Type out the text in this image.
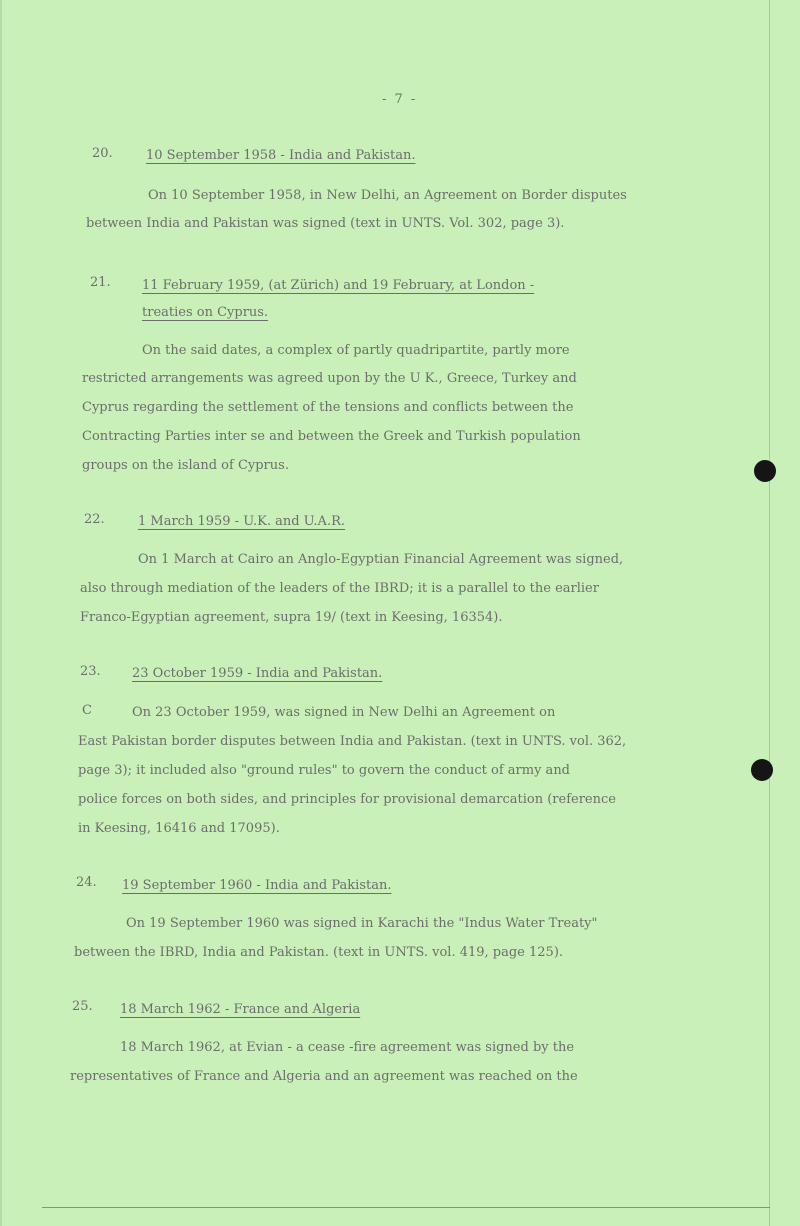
- 7 -
20.	10 September 1958 - India and Pakistan.
On 10 September 1958, in New Delhi, an Agreement on Border disputes
between India and Pakistan was signed (text in UNTS. Vol. 302, page 3).
21. 11 February 1959, (at Zürich) and 19 February, at London -
treaties on Cyprus.
On the said dates, a complex of partly quadripartite, partly more
restricted arrangements was agreed upon by the U K., Greece, Turkey and
Cyprus regarding the settlement of the tensions and conflicts between the
Contracting Parties inter se and between the Greek and Turkish population
groups on the island of Cyprus.
22.	1 March 1959 - U.K. and U.A.R.
On 1 March at Cairo an Anglo-Egyptian Financial Agreement was signed,
also through mediation of the leaders of the IBRD; it is a parallel to the earlier
Franco-Egyptian agreement, supra 19/ (text in Keesing, 16354).
23. 23 October 1959 - India and Pakistan.
C	On 23 October 1959, was signed in New Delhi an Agreement on
East Pakistan border disputes between India and Pakistan. (text in UNTS. vol. 362,
page 3); it included also "ground rules" to govern the conduct of army and
police forces on both sides, and principles for provisional demarcation (reference
in Keesing, 16416 and 17095).
24. 19 September 1960 - India and Pakistan.
On 19 September 1960 was signed in Karachi the "Indus Water Treaty"
between the IBRD, India and Pakistan. (text in UNTS. vol. 419, page 125).
25. 18 March 1962 - France and Algeria
18 March 1962, at Evian - a cease -fire agreement was signed by the
representatives of France and Algeria and an agreement was reached on the
